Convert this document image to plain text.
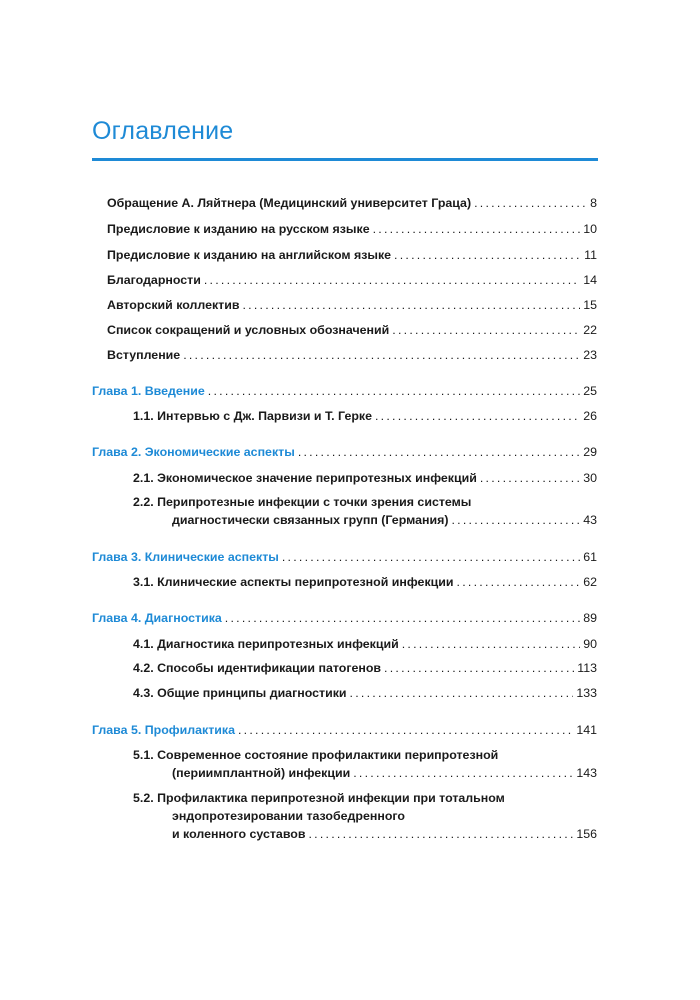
Оглавление
Обращение А. Ляйтнера (Медицинский университет Граца) . . .	8
Предисловие к изданию на русском языке . . .	10
Предисловие к изданию на английском языке . . .	11
Благодарности . . .	14
Авторский коллектив . . .	15
Список сокращений и условных обозначений . . .	22
Вступление . . .	23
Глава 1. Введение . . .	25
1.1. Интервью с Дж. Парвизи и Т. Герке . . .	26
Глава 2. Экономические аспекты . . .	29
2.1. Экономическое значение перипротезных инфекций . . .	30
2.2. Перипротезные инфекции с точки зрения системы
диагностически связанных групп (Германия) . . .	43
Глава 3. Клинические аспекты . . .	61
3.1. Клинические аспекты перипротезной инфекции . . .	62
Глава 4. Диагностика . . .	89
4.1. Диагностика перипротезных инфекций . . .	90
4.2. Способы идентификации патогенов . . .	113
4.3. Общие принципы диагностики . . .	133
Глава 5. Профилактика . . .	141
5.1. Современное состояние профилактики перипротезной
(периимплантной) инфекции . . .	143
5.2. Профилактика перипротезной инфекции при тотальном
эндопротезировании тазобедренного
и коленного суставов . . .	156
